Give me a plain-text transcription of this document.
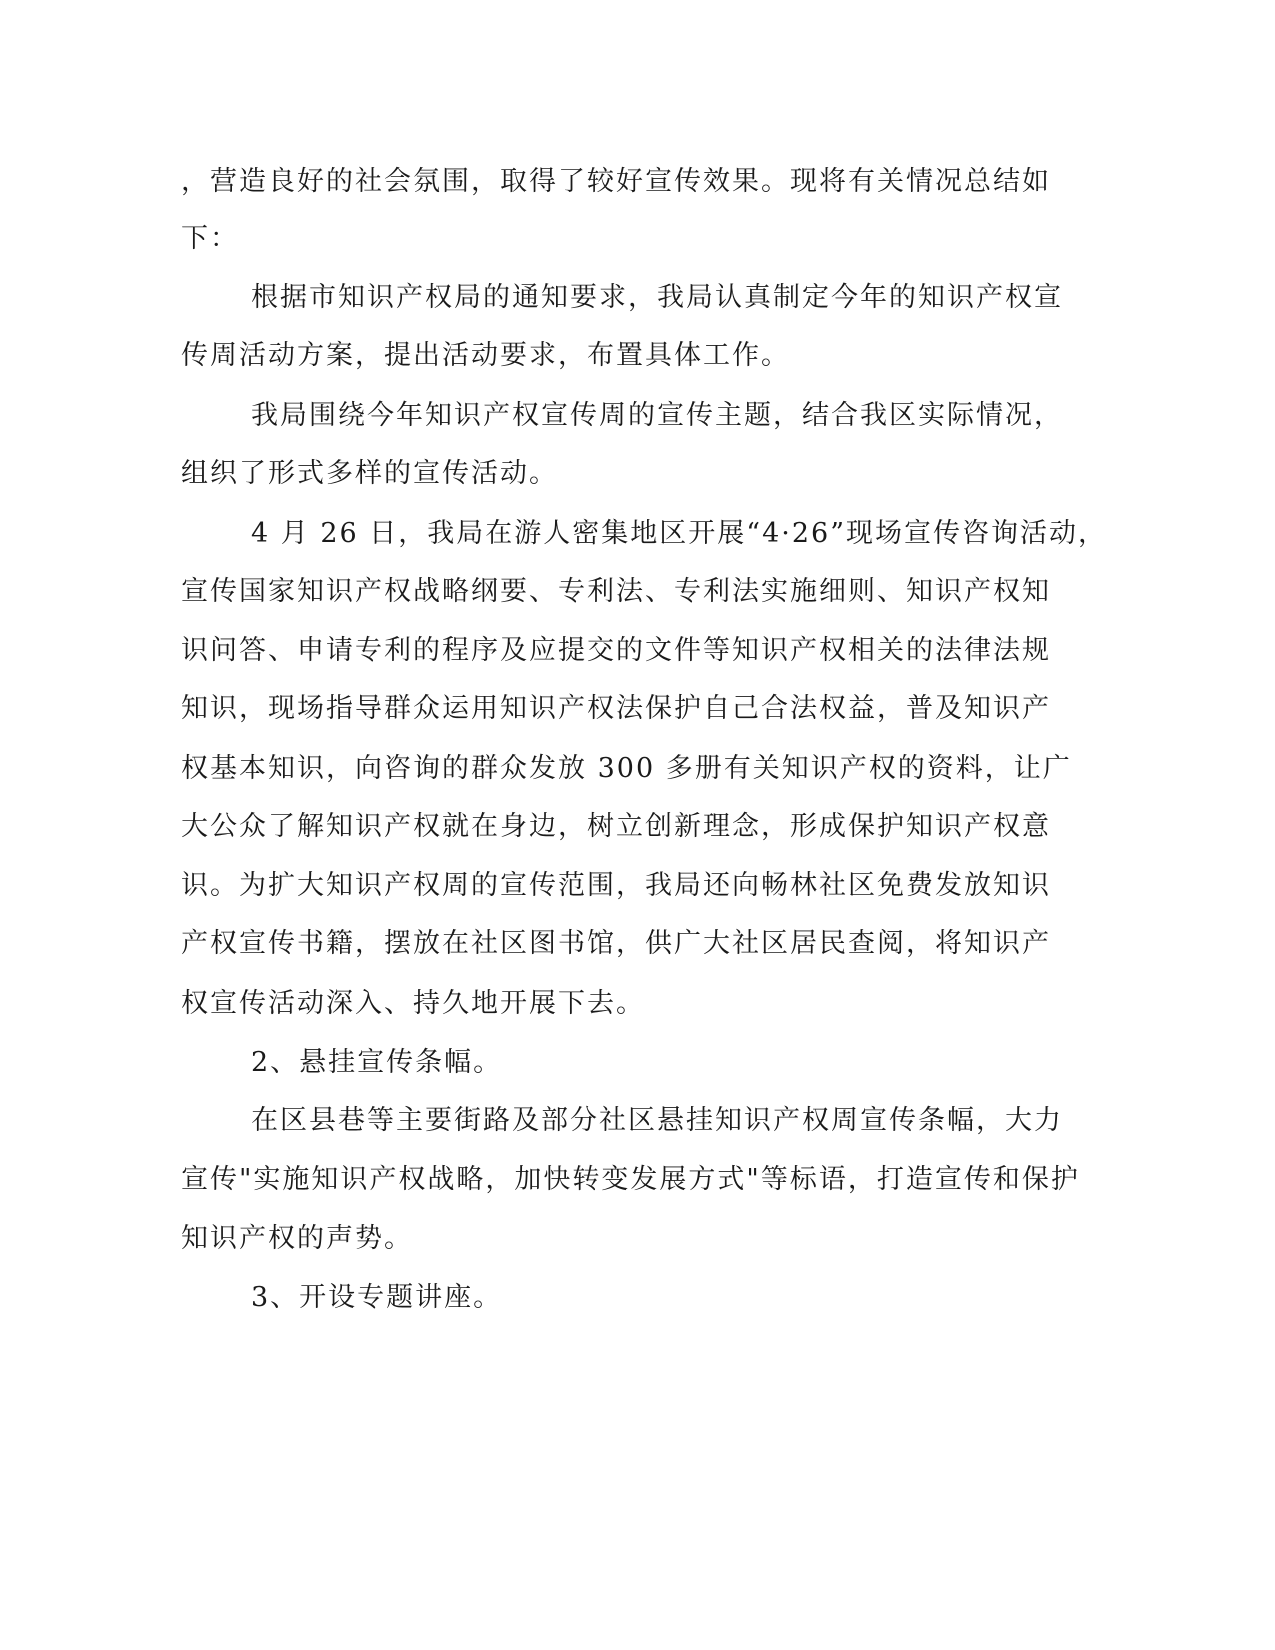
，营造良好的社会氛围，取得了较好宣传效果。现将有关情况总结如
下：
根据市知识产权局的通知要求，我局认真制定今年的知识产权宣
传周活动方案，提出活动要求，布置具体工作。
我局围绕今年知识产权宣传周的宣传主题，结合我区实际情况，
组织了形式多样的宣传活动。
4 月 26 日，我局在游人密集地区开展“4·26”现场宣传咨询活动，
宣传国家知识产权战略纲要、专利法、专利法实施细则、知识产权知
识问答、申请专利的程序及应提交的文件等知识产权相关的法律法规
知识，现场指导群众运用知识产权法保护自己合法权益，普及知识产
权基本知识，向咨询的群众发放 300 多册有关知识产权的资料，让广
大公众了解知识产权就在身边，树立创新理念，形成保护知识产权意
识。为扩大知识产权周的宣传范围，我局还向畅林社区免费发放知识
产权宣传书籍，摆放在社区图书馆，供广大社区居民查阅，将知识产
权宣传活动深入、持久地开展下去。
2、悬挂宣传条幅。
在区县巷等主要街路及部分社区悬挂知识产权周宣传条幅，大力
宣传"实施知识产权战略，加快转变发展方式"等标语，打造宣传和保护
知识产权的声势。
3、开设专题讲座。
